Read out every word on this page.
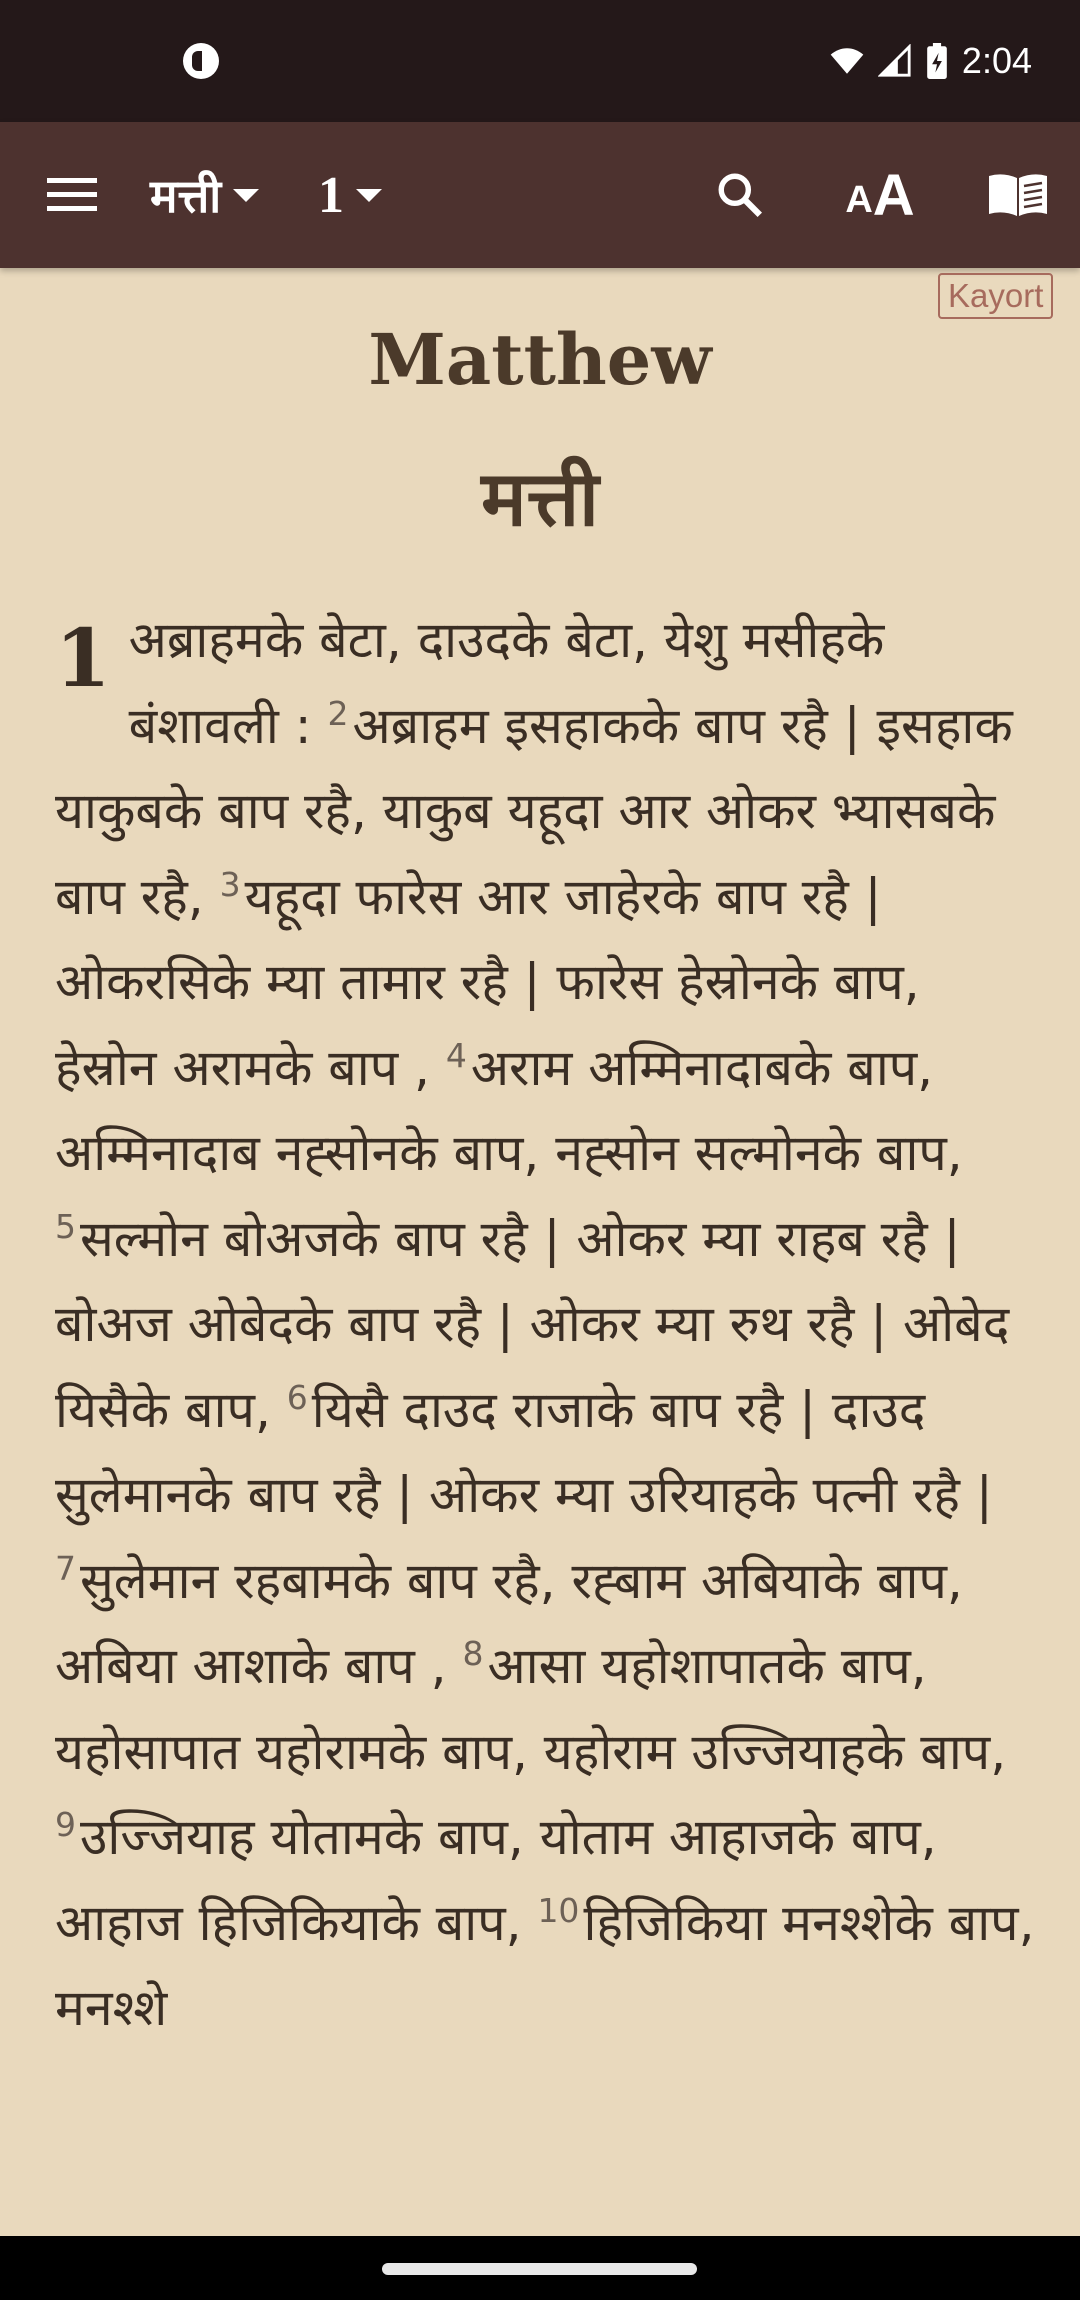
2:04
मत्ती 1	A A
Kayort
Matthew
मत्ती
1 अब्राहमके बेटा, दाउदके बेटा, येशु मसीहके बंशावली : $^2$अब्राहम इसहाकके बाप रहै | इसहाक याकुबके बाप रहै, याकुब यहूदा आर ओकर भ्यासबके बाप रहै, $^3$यहूदा फारेस आर जाहेरके बाप रहै | ओकरसिके म्या तामार रहै | फारेस हेस्रोनके बाप, हेस्रोन अरामके बाप , $^4$अराम अम्मिनादाबके बाप, अम्मिनादाब नह्सोनके बाप, नह्सोन सल्मोनके बाप, $^5$सल्मोन बोअजके बाप रहै | ओकर म्या राहब रहै | बोअज ओबेदके बाप रहै | ओकर म्या रुथ रहै | ओबेद यिसैके बाप, $^6$यिसै दाउद राजाके बाप रहै | दाउद सुलेमानके बाप रहै | ओकर म्या उरियाहके पत्नी रहै | $^7$सुलेमान रहबामके बाप रहै, रह्बाम अबियाके बाप, अबिया आशाके बाप , $^8$आसा यहोशापातके बाप, यहोसापात यहोरामके बाप, यहोराम उज्जियाहके बाप, $^9$उज्जियाह योतामके बाप, योताम आहाजके बाप, आहाज हिजिकियाके बाप, $^{10}$हिजिकिया मनश्शेके बाप, मनश्शे
